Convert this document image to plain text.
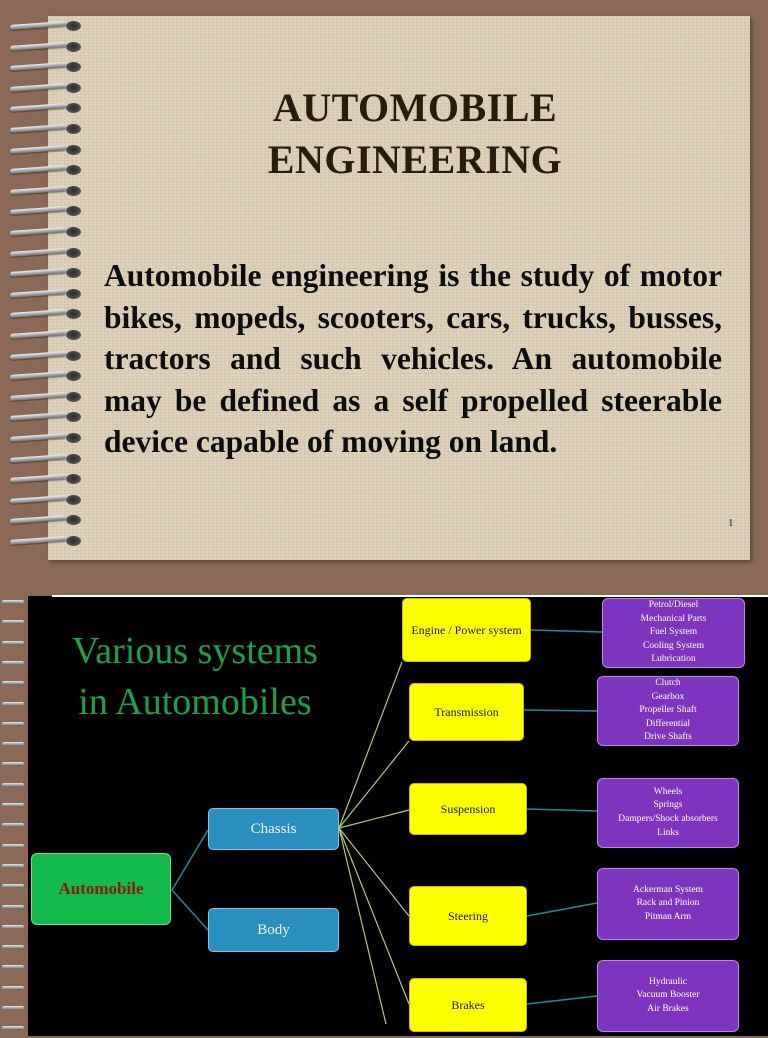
AUTOMOBILE
ENGINEERING
Automobile engineering is the study of motor bikes, mopeds, scooters, cars, trucks, busses, tractors and such vehicles. An automobile may be defined as a self propelled steerable device capable of moving on land.
1
Various systems in Automobiles
Automobile
Chassis
Body
Engine / Power system
Transmission
Suspension
Steering
Brakes
Petrol/Diesel
Mechanical Parts
Fuel System
Cooling System
Lubrication
Clutch
Gearbox
Propeller Shaft
Differential
Drive Shafts
Wheels
Springs
Dampers/Shock absorbers
Links
Ackerman System
Rack and Pinion
Pitman Arm
Hydraulic
Vacuum Booster
Air Brakes
